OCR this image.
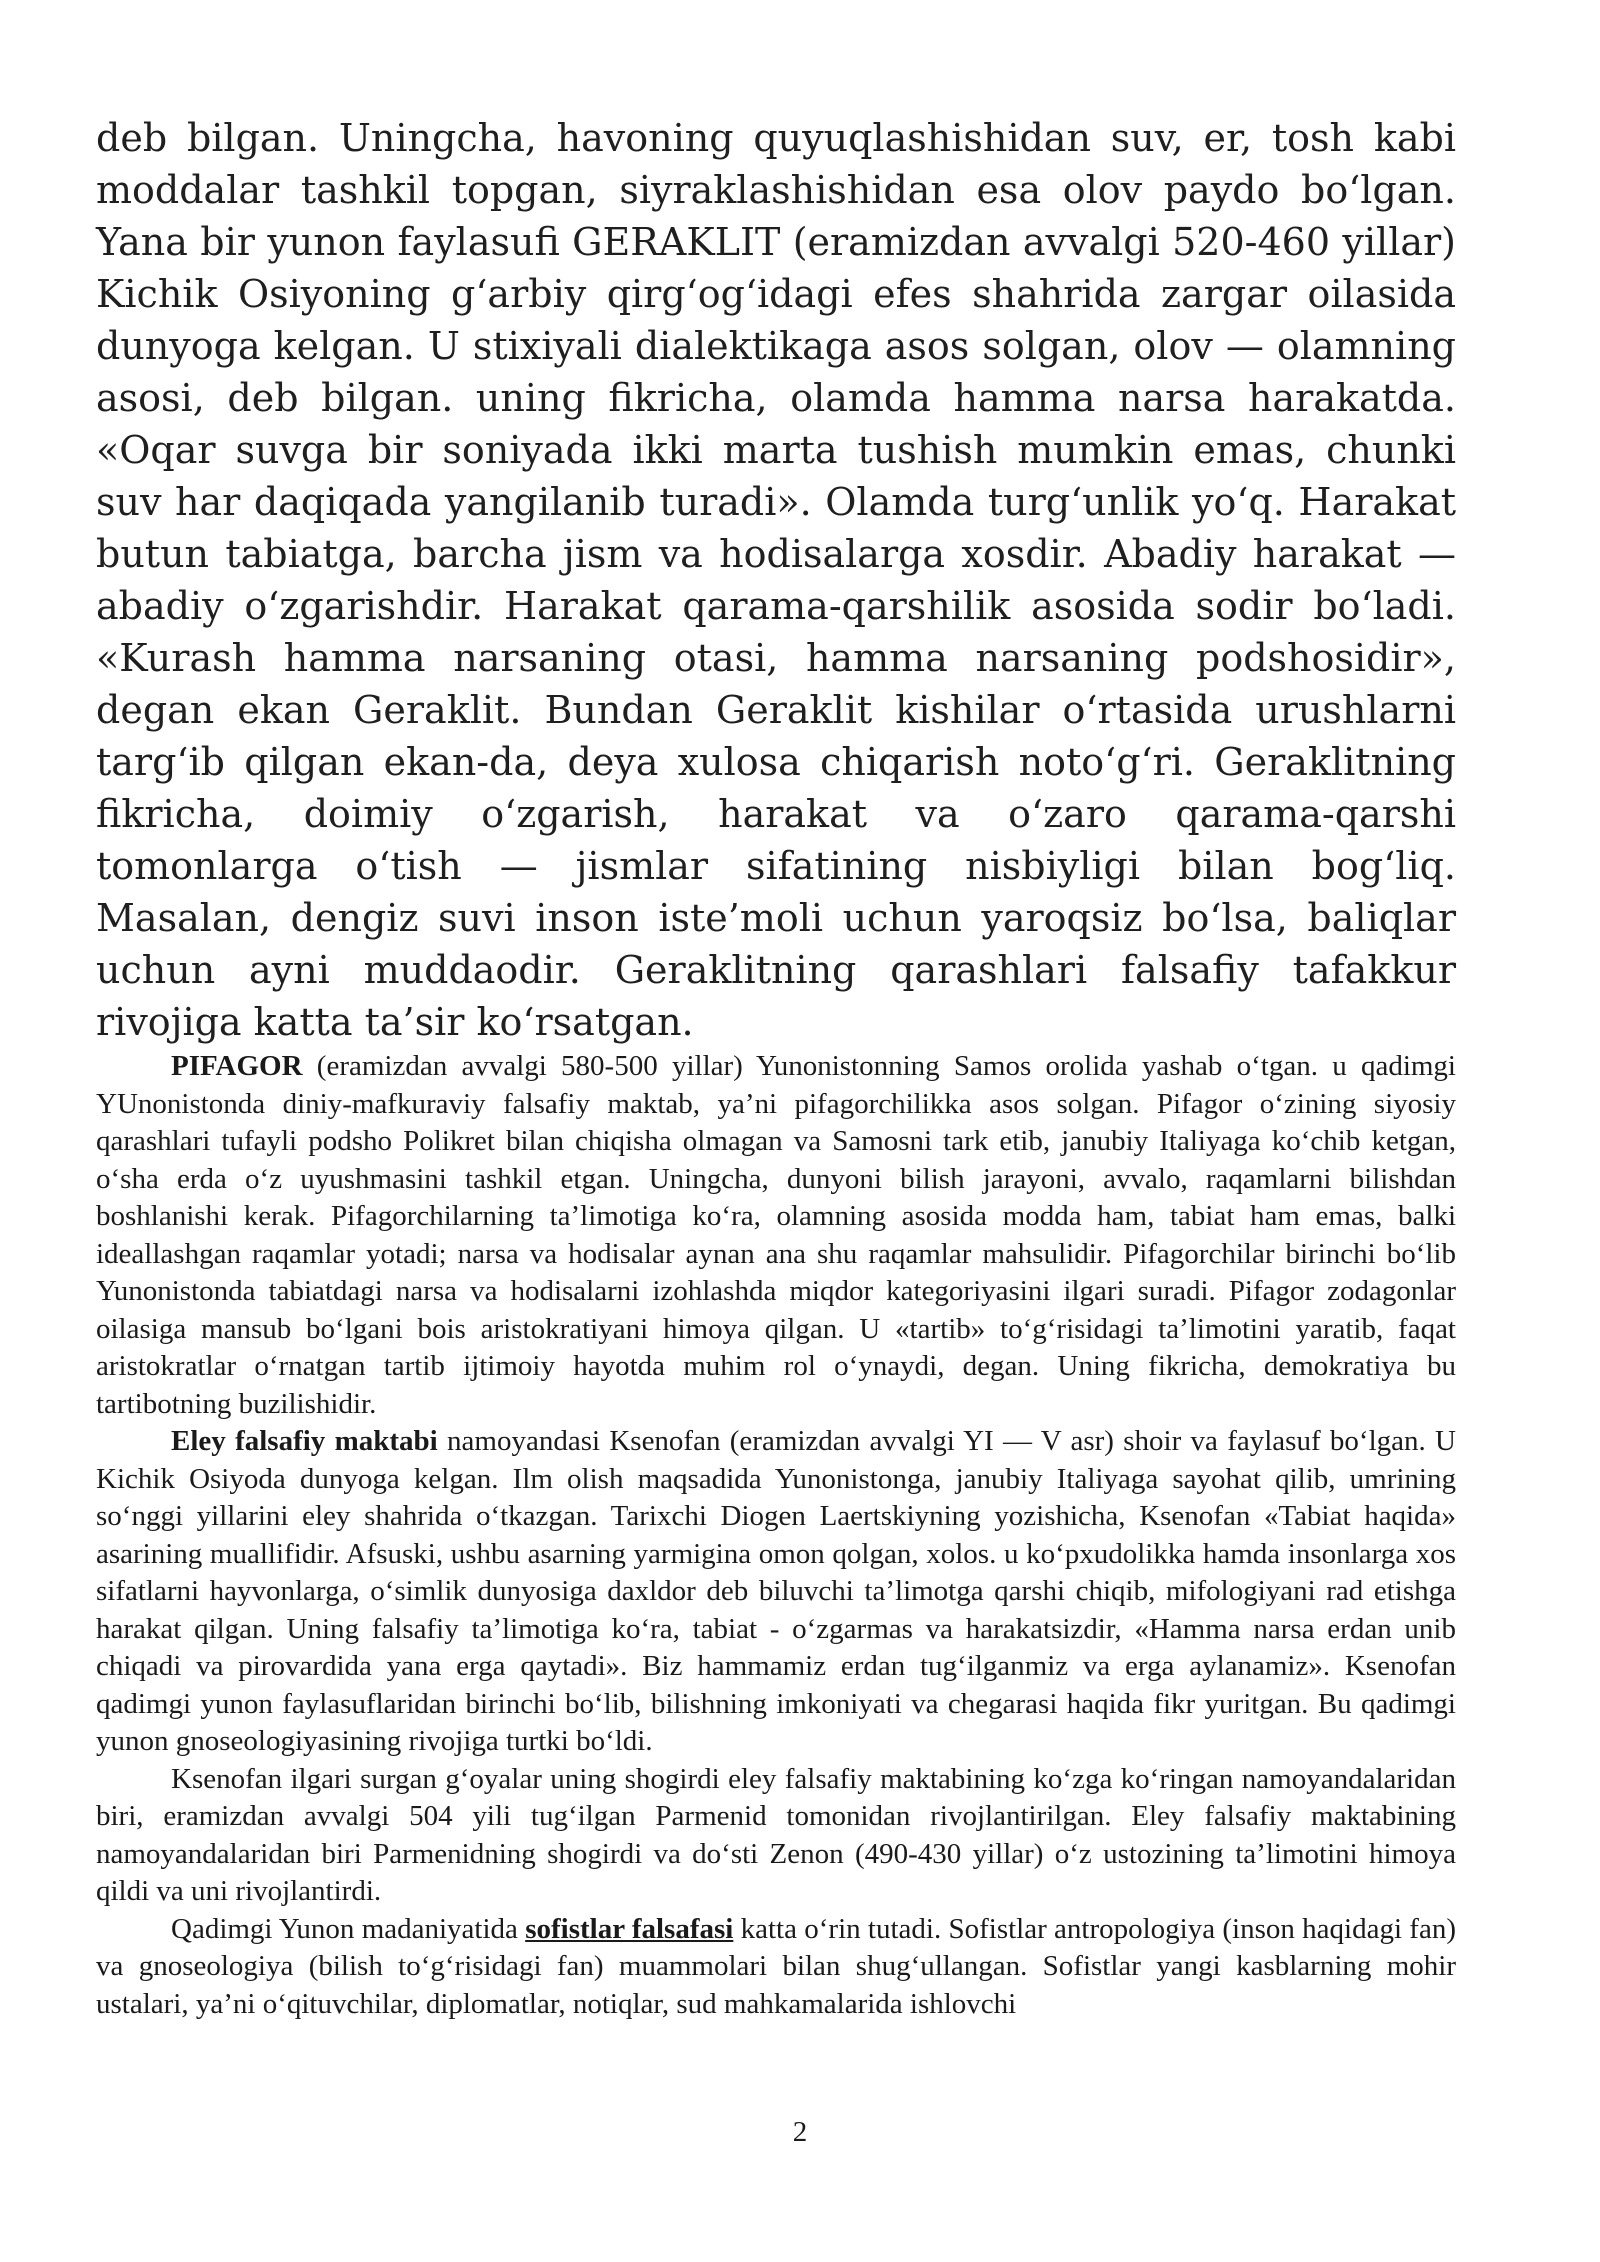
deb bilgan. Uningcha, havoning quyuqlashishidan suv, er, tosh kabi moddalar tashkil topgan, siyraklashishidan esa olov paydo bo‘lgan. Yana bir yunon faylasufi GERAKLIT (eramizdan avvalgi 520-460 yillar) Kichik Osiyoning g‘arbiy qirg‘og‘idagi efes shahrida zargar oilasida dunyoga kelgan. U stixiyali dialektikaga asos solgan, olov — olamning asosi, deb bilgan. uning fikricha, olamda hamma narsa harakatda. «Oqar suvga bir soniyada ikki marta tushish mumkin emas, chunki suv har daqiqada yangilanib turadi». Olamda turg‘unlik yo‘q. Harakat butun tabiatga, barcha jism va hodisalarga xosdir. Abadiy harakat — abadiy o‘zgarishdir. Harakat qarama-qarshilik asosida sodir bo‘ladi. «Kurash hamma narsaning otasi, hamma narsaning podshosidir», degan ekan Geraklit. Bundan Geraklit kishilar o‘rtasida urushlarni targ‘ib qilgan ekan-da, deya xulosa chiqarish noto‘g‘ri. Geraklitning fikricha, doimiy o‘zgarish, harakat va o‘zaro qarama-qarshi tomonlarga o‘tish — jismlar sifatining nisbiyligi bilan bog‘liq. Masalan, dengiz suvi inson iste’moli uchun yaroqsiz bo‘lsa, baliqlar uchun ayni muddaodir. Geraklitning qarashlari falsafiy tafakkur rivojiga katta ta’sir ko‘rsatgan.

PIFAGOR (eramizdan avvalgi 580-500 yillar) Yunonistonning Samos orolida yashab o‘tgan. u qadimgi YUnonistonda diniy-mafkuraviy falsafiy maktab, ya’ni pifagorchilikka asos solgan. Pifagor o‘zining siyosiy qarashlari tufayli podsho Polikret bilan chiqisha olmagan va Samosni tark etib, janubiy Italiyaga ko‘chib ketgan, o‘sha erda o‘z uyushmasini tashkil etgan. Uningcha, dunyoni bilish jarayoni, avvalo, raqamlarni bilishdan boshlanishi kerak. Pifagorchilarning ta’limotiga ko‘ra, olamning asosida modda ham, tabiat ham emas, balki ideallashgan raqamlar yotadi; narsa va hodisalar aynan ana shu raqamlar mahsulidir. Pifagorchilar birinchi bo‘lib Yunonistonda tabiatdagi narsa va hodisalarni izohlashda miqdor kategoriyasini ilgari suradi. Pifagor zodagonlar oilasiga mansub bo‘lgani bois aristokratiyani himoya qilgan. U «tartib» to‘g‘risidagi ta’limotini yaratib, faqat aristokratlar o‘rnatgan tartib ijtimoiy hayotda muhim rol o‘ynaydi, degan. Uning fikricha, demokratiya bu tartibotning buzilishidir.

Eley falsafiy maktabi namoyandasi Ksenofan (eramizdan avvalgi YI — V asr) shoir va faylasuf bo‘lgan. U Kichik Osiyoda dunyoga kelgan. Ilm olish maqsadida Yunonistonga, janubiy Italiyaga sayohat qilib, umrining so‘nggi yillarini eley shahrida o‘tkazgan. Tarixchi Diogen Laertskiyning yozishicha, Ksenofan «Tabiat haqida» asarining muallifidir. Afsuski, ushbu asarning yarmigina omon qolgan, xolos. u ko‘pxudolikka hamda insonlarga xos sifatlarni hayvonlarga, o‘simlik dunyosiga daxldor deb biluvchi ta’limotga qarshi chiqib, mifologiyani rad etishga harakat qilgan. Uning falsafiy ta’limotiga ko‘ra, tabiat - o‘zgarmas va harakatsizdir, «Hamma narsa erdan unib chiqadi va pirovardida yana erga qaytadi». Biz hammamiz erdan tug‘ilganmiz va erga aylanamiz». Ksenofan qadimgi yunon faylasuflaridan birinchi bo‘lib, bilishning imkoniyati va chegarasi haqida fikr yuritgan. Bu qadimgi yunon gnoseologiyasining rivojiga turtki bo‘ldi.

Ksenofan ilgari surgan g‘oyalar uning shogirdi eley falsafiy maktabining ko‘zga ko‘ringan namoyandalaridan biri, eramizdan avvalgi 504 yili tug‘ilgan Parmenid tomonidan rivojlantirilgan. Eley falsafiy maktabining namoyandalaridan biri Parmenidning shogirdi va do‘sti Zenon (490-430 yillar) o‘z ustozining ta’limotini himoya qildi va uni rivojlantirdi.

Qadimgi Yunon madaniyatida sofistlar falsafasi katta o‘rin tutadi. Sofistlar antropologiya (inson haqidagi fan) va gnoseologiya (bilish to‘g‘risidagi fan) muammolari bilan shug‘ullangan. Sofistlar yangi kasblarning mohir ustalari, ya’ni o‘qituvchilar, diplomatlar, notiqlar, sud mahkamalarida ishlovchi

2
